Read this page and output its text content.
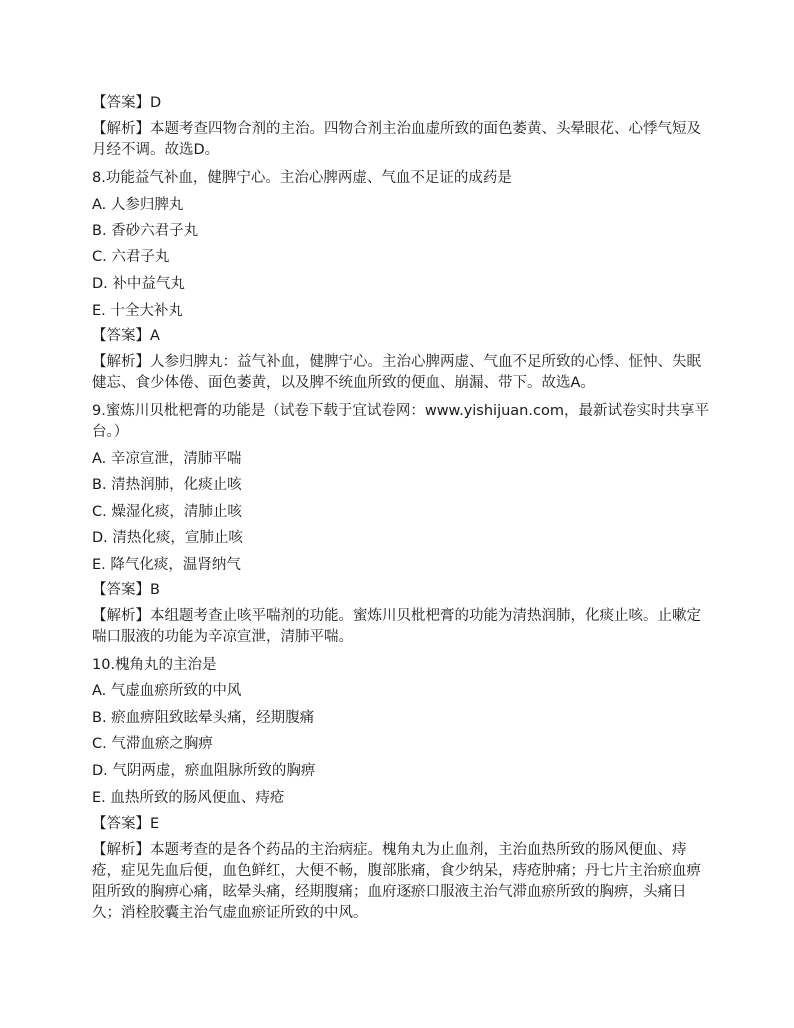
【答案】D
【解析】本题考查四物合剂的主治。四物合剂主治血虚所致的面色萎黄、头晕眼花、心悸气短及月经不调。故选D。
8.功能益气补血，健脾宁心。主治心脾两虚、气血不足证的成药是
A. 人参归脾丸
B. 香砂六君子丸
C. 六君子丸
D. 补中益气丸
E. 十全大补丸
【答案】A
【解析】人参归脾丸：益气补血，健脾宁心。主治心脾两虚、气血不足所致的心悸、怔忡、失眠健忘、食少体倦、面色萎黄，以及脾不统血所致的便血、崩漏、带下。故选A。
9.蜜炼川贝枇杷膏的功能是（试卷下载于宜试卷网：www.yishijuan.com，最新试卷实时共享平台。）
A. 辛凉宣泄，清肺平喘
B. 清热润肺，化痰止咳
C. 燥湿化痰，清肺止咳
D. 清热化痰，宣肺止咳
E. 降气化痰，温肾纳气
【答案】B
【解析】本组题考查止咳平喘剂的功能。蜜炼川贝枇杷膏的功能为清热润肺，化痰止咳。止嗽定喘口服液的功能为辛凉宣泄，清肺平喘。
10.槐角丸的主治是
A. 气虚血瘀所致的中风
B. 瘀血痹阻致眩晕头痛，经期腹痛
C. 气滞血瘀之胸痹
D. 气阴两虚，瘀血阻脉所致的胸痹
E. 血热所致的肠风便血、痔疮
【答案】E
【解析】本题考查的是各个药品的主治病症。槐角丸为止血剂，主治血热所致的肠风便血、痔疮，症见先血后便，血色鲜红，大便不畅，腹部胀痛，食少纳呆，痔疮肿痛；丹七片主治瘀血痹阻所致的胸痹心痛，眩晕头痛，经期腹痛；血府逐瘀口服液主治气滞血瘀所致的胸痹，头痛日久；消栓胶囊主治气虚血瘀证所致的中风。
